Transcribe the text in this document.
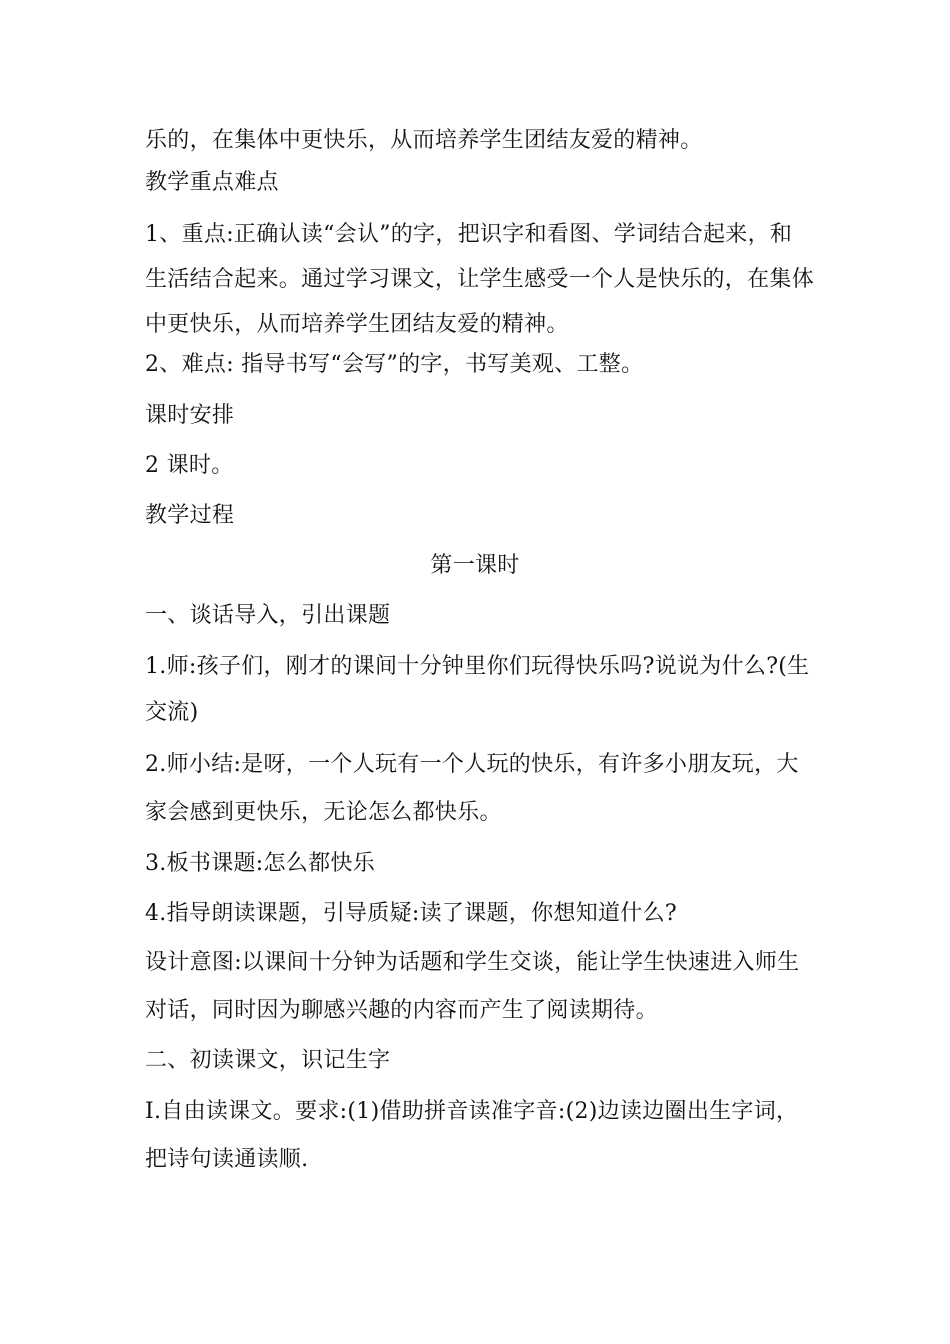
乐的，在集体中更快乐，从而培养学生团结友爱的精神。
教学重点难点
1、重点:正确认读“会认”的字，把识字和看图、学词结合起来，和
生活结合起来。通过学习课文，让学生感受一个人是快乐的，在集体
中更快乐，从而培养学生团结友爱的精神。
2、难点: 指导书写“会写”的字，书写美观、工整。
课时安排
2 课时。
教学过程
第一课时
一、谈话导入，引出课题
1.师:孩子们，刚才的课间十分钟里你们玩得快乐吗?说说为什么?(生
交流)
2.师小结:是呀，一个人玩有一个人玩的快乐，有许多小朋友玩，大
家会感到更快乐，无论怎么都快乐。
3.板书课题:怎么都快乐
4.指导朗读课题，引导质疑:读了课题，你想知道什么?
设计意图:以课间十分钟为话题和学生交谈，能让学生快速进入师生
对话，同时因为聊感兴趣的内容而产生了阅读期待。
二、初读课文，识记生字
I.自由读课文。要求:(1)借助拼音读准字音:(2)边读边圈出生字词，
把诗句读通读顺.
